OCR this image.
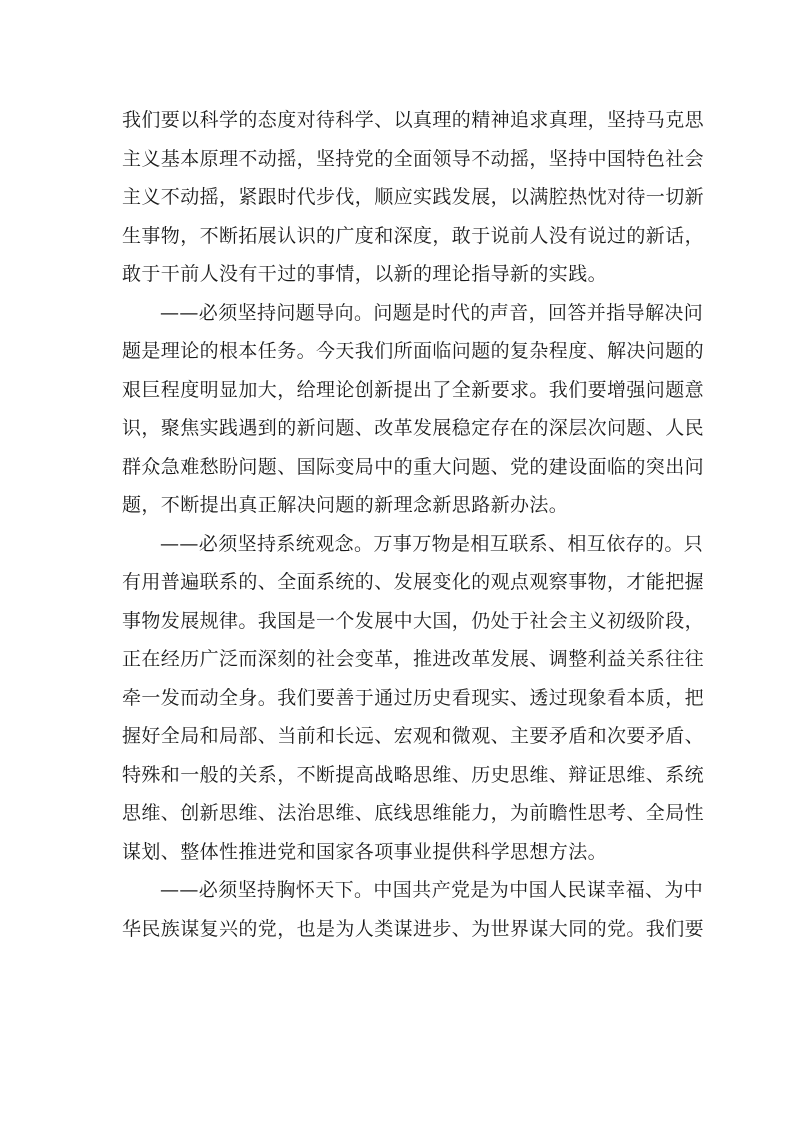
我们要以科学的态度对待科学、以真理的精神追求真理，坚持马克思
主义基本原理不动摇，坚持党的全面领导不动摇，坚持中国特色社会
主义不动摇，紧跟时代步伐，顺应实践发展，以满腔热忱对待一切新
生事物，不断拓展认识的广度和深度，敢于说前人没有说过的新话，
敢于干前人没有干过的事情，以新的理论指导新的实践。
——必须坚持问题导向。问题是时代的声音，回答并指导解决问
题是理论的根本任务。今天我们所面临问题的复杂程度、解决问题的
艰巨程度明显加大，给理论创新提出了全新要求。我们要增强问题意
识，聚焦实践遇到的新问题、改革发展稳定存在的深层次问题、人民
群众急难愁盼问题、国际变局中的重大问题、党的建设面临的突出问
题，不断提出真正解决问题的新理念新思路新办法。
——必须坚持系统观念。万事万物是相互联系、相互依存的。只
有用普遍联系的、全面系统的、发展变化的观点观察事物，才能把握
事物发展规律。我国是一个发展中大国，仍处于社会主义初级阶段，
正在经历广泛而深刻的社会变革，推进改革发展、调整利益关系往往
牵一发而动全身。我们要善于通过历史看现实、透过现象看本质，把
握好全局和局部、当前和长远、宏观和微观、主要矛盾和次要矛盾、
特殊和一般的关系，不断提高战略思维、历史思维、辩证思维、系统
思维、创新思维、法治思维、底线思维能力，为前瞻性思考、全局性
谋划、整体性推进党和国家各项事业提供科学思想方法。
——必须坚持胸怀天下。中国共产党是为中国人民谋幸福、为中
华民族谋复兴的党，也是为人类谋进步、为世界谋大同的党。我们要
